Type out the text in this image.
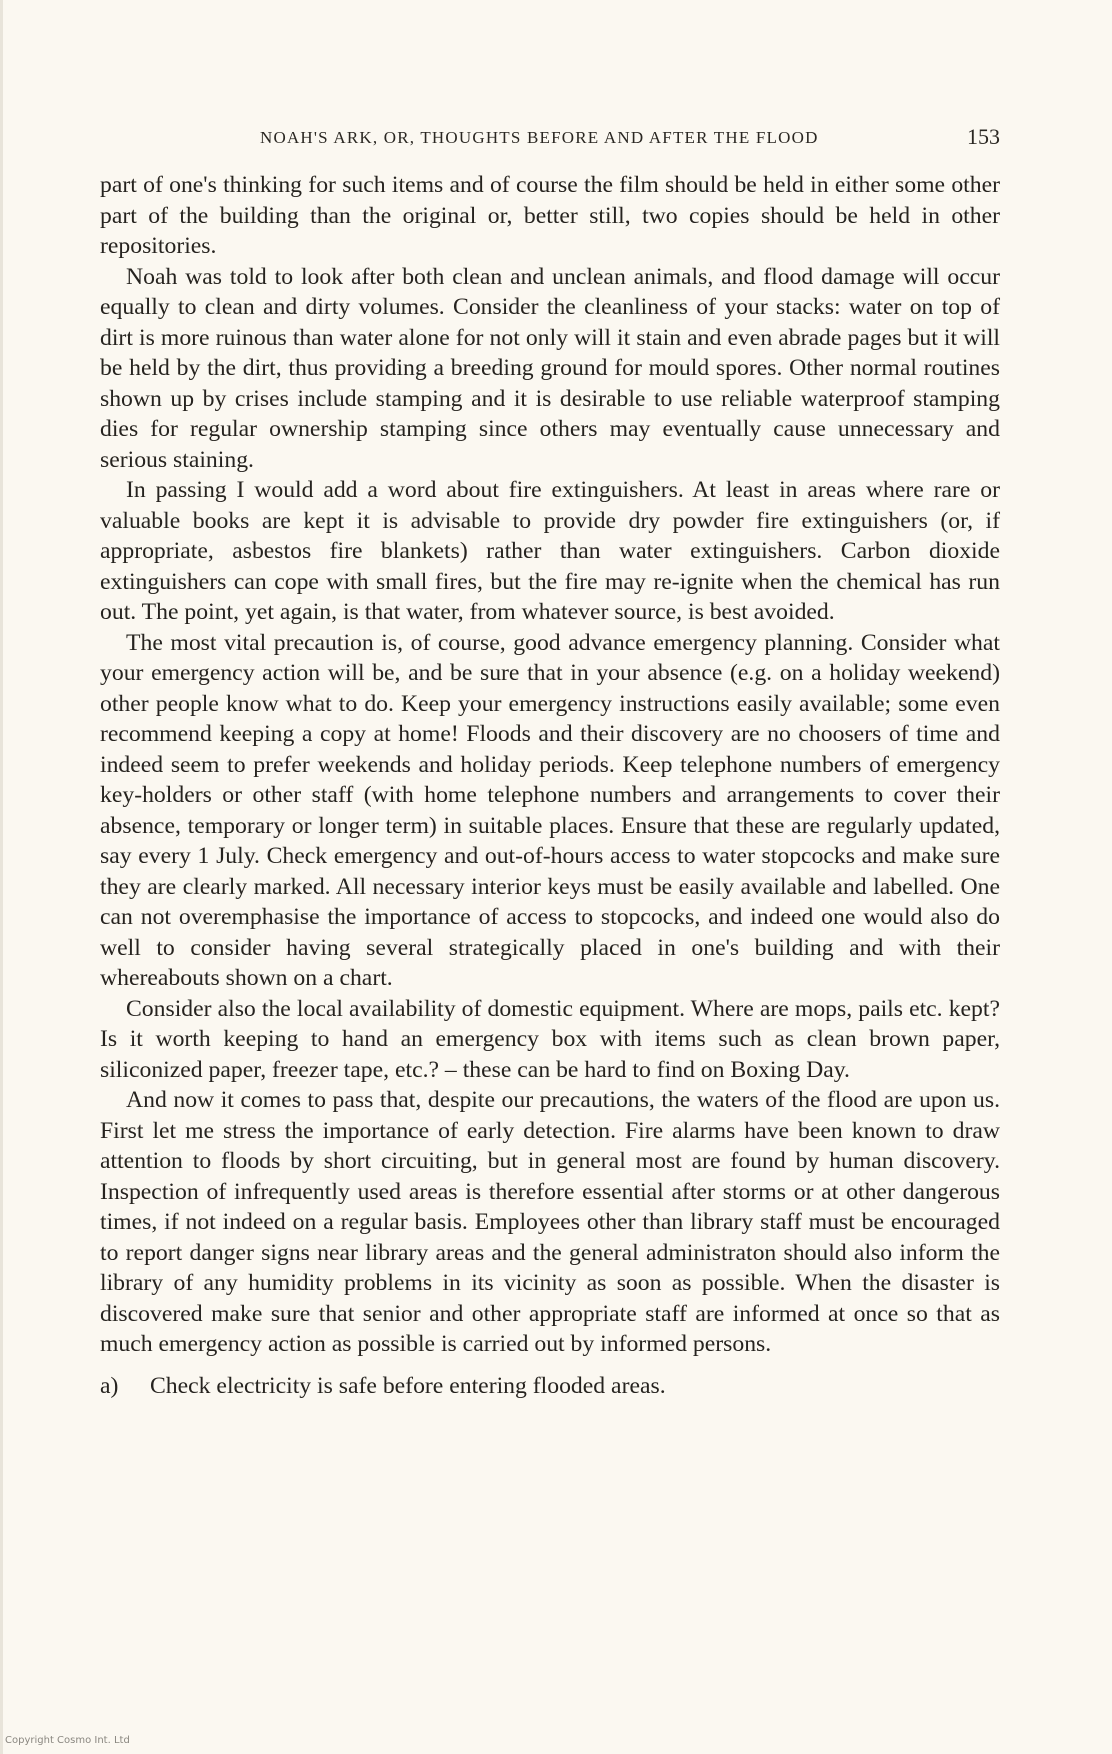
NOAH'S ARK, OR, THOUGHTS BEFORE AND AFTER THE FLOOD	153

part of one's thinking for such items and of course the film should be held in either some other part of the building than the original or, better still, two copies should be held in other repositories.

Noah was told to look after both clean and unclean animals, and flood damage will occur equally to clean and dirty volumes. Consider the cleanliness of your stacks: water on top of dirt is more ruinous than water alone for not only will it stain and even abrade pages but it will be held by the dirt, thus providing a breeding ground for mould spores. Other normal routines shown up by crises include stamping and it is desirable to use reliable waterproof stamping dies for regular ownership stamping since others may eventually cause unnecessary and serious staining.

In passing I would add a word about fire extinguishers. At least in areas where rare or valuable books are kept it is advisable to provide dry powder fire extinguishers (or, if appropriate, asbestos fire blankets) rather than water extinguishers. Carbon dioxide extinguishers can cope with small fires, but the fire may re-ignite when the chemical has run out. The point, yet again, is that water, from whatever source, is best avoided.

The most vital precaution is, of course, good advance emergency planning. Consider what your emergency action will be, and be sure that in your absence (e.g. on a holiday weekend) other people know what to do. Keep your emergency instructions easily available; some even recommend keeping a copy at home! Floods and their discovery are no choosers of time and indeed seem to prefer weekends and holiday periods. Keep telephone numbers of emergency key-holders or other staff (with home telephone numbers and arrangements to cover their absence, temporary or longer term) in suitable places. Ensure that these are regularly updated, say every 1 July. Check emergency and out-of-hours access to water stopcocks and make sure they are clearly marked. All necessary interior keys must be easily available and labelled. One can not overemphasise the importance of access to stopcocks, and indeed one would also do well to consider having several strategically placed in one's building and with their whereabouts shown on a chart.

Consider also the local availability of domestic equipment. Where are mops, pails etc. kept? Is it worth keeping to hand an emergency box with items such as clean brown paper, siliconized paper, freezer tape, etc.? – these can be hard to find on Boxing Day.

And now it comes to pass that, despite our precautions, the waters of the flood are upon us. First let me stress the importance of early detection. Fire alarms have been known to draw attention to floods by short circuiting, but in general most are found by human discovery. Inspection of infrequently used areas is therefore essential after storms or at other dangerous times, if not indeed on a regular basis. Employees other than library staff must be encouraged to report danger signs near library areas and the general administraton should also inform the library of any humidity problems in its vicinity as soon as possible. When the disaster is discovered make sure that senior and other appropriate staff are informed at once so that as much emergency action as possible is carried out by informed persons.

a)	Check electricity is safe before entering flooded areas.
Copyright Cosmo Int. Ltd
